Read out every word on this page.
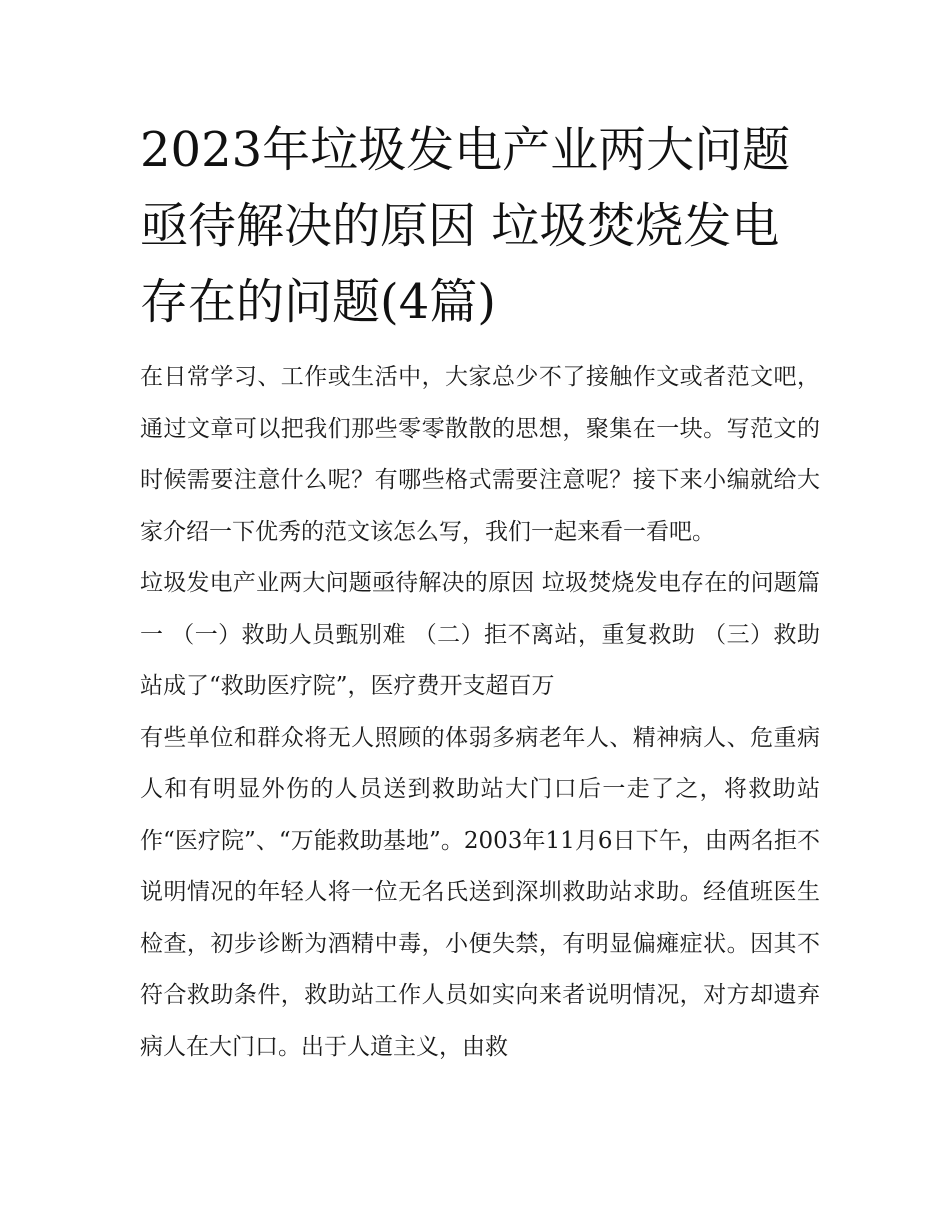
2023年垃圾发电产业两大问题亟待解决的原因 垃圾焚烧发电存在的问题(4篇)

在日常学习、工作或生活中，大家总少不了接触作文或者范文吧，通过文章可以把我们那些零零散散的思想，聚集在一块。写范文的时候需要注意什么呢？有哪些格式需要注意呢？接下来小编就给大家介绍一下优秀的范文该怎么写，我们一起来看一看吧。

垃圾发电产业两大问题亟待解决的原因 垃圾焚烧发电存在的问题篇一 （一）救助人员甄别难 （二）拒不离站，重复救助 （三）救助站成了“救助医疗院”，医疗费开支超百万

有些单位和群众将无人照顾的体弱多病老年人、精神病人、危重病人和有明显外伤的人员送到救助站大门口后一走了之，将救助站作“医疗院”、“万能救助基地”。2003年11月6日下午，由两名拒不说明情况的年轻人将一位无名氏送到深圳救助站求助。经值班医生检查，初步诊断为酒精中毒，小便失禁，有明显偏瘫症状。因其不符合救助条件，救助站工作人员如实向来者说明情况，对方却遗弃病人在大门口。出于人道主义，由救
